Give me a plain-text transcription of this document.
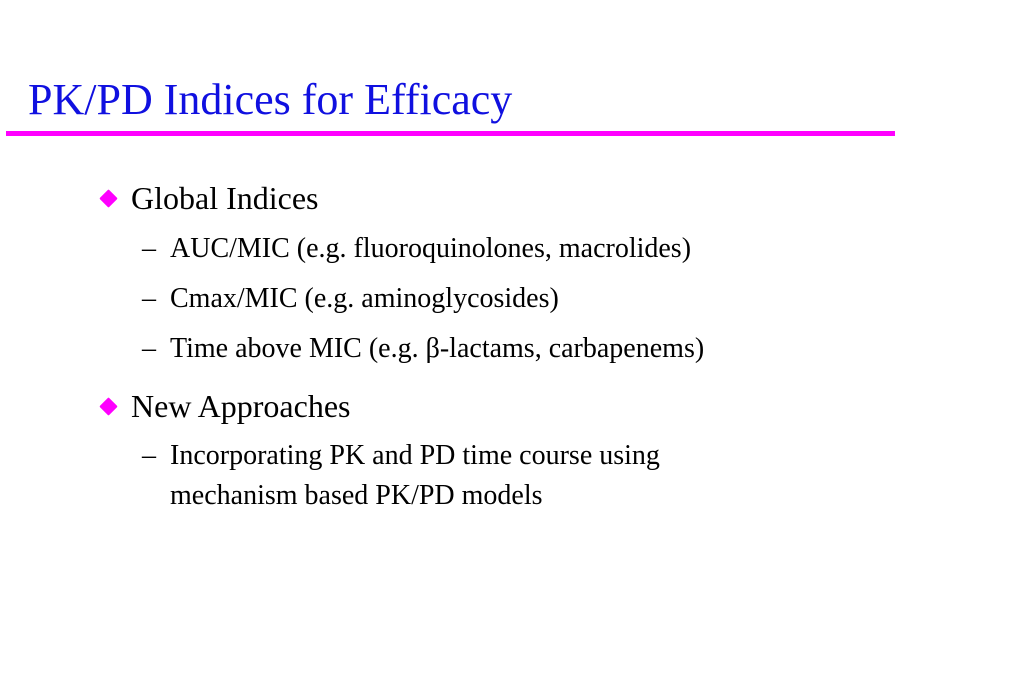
PK/PD Indices for Efficacy
Global Indices
– AUC/MIC (e.g. fluoroquinolones, macrolides)
– Cmax/MIC (e.g. aminoglycosides)
– Time above MIC (e.g. β-lactams, carbapenems)
New Approaches
– Incorporating PK and PD time course using
mechanism based PK/PD models
